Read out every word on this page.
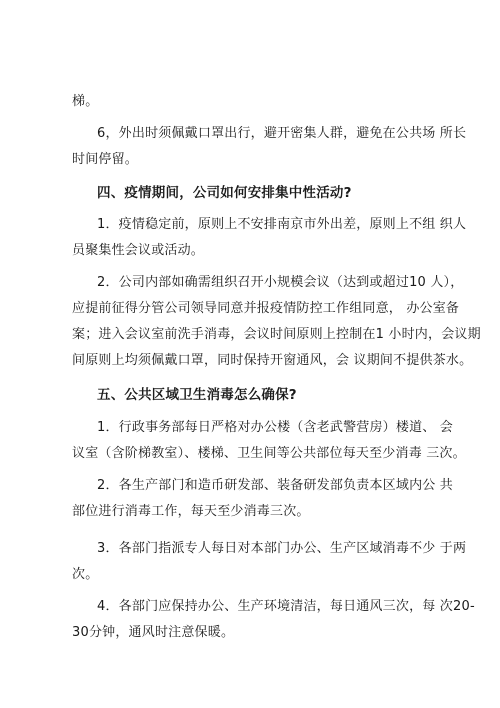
梯。
6，外出时须佩戴口罩出行，避开密集人群，避免在公共场 所长
时间停留。
四、疫情期间，公司如何安排集中性活动?
1．疫情稳定前，原则上不安排南京市外出差，原则上不组 织人
员聚集性会议或活动。
2．公司内部如确需组织召开小规模会议（达到或超过10 人），
应提前征得分管公司领导同意并报疫情防控工作组同意， 办公室备
案；进入会议室前洗手消毒，会议时间原则上控制在1 小时内，会议期
间原则上均须佩戴口罩，同时保持开窗通风，会 议期间不提供茶水。
五、公共区域卫生消毒怎么确保?
1．行政事务部每日严格对办公楼（含老武警营房）楼道、 会
议室（含阶梯教室）、楼梯、卫生间等公共部位每天至少消毒 三次。
2．各生产部门和造币研发部、装备研发部负责本区域内公 共
部位进行消毒工作，每天至少消毒三次。
3．各部门指派专人每日对本部门办公、生产区域消毒不少 于两
次。
4．各部门应保持办公、生产环境清洁，每日通风三次，每 次20-
30分钟，通风时注意保暖。
